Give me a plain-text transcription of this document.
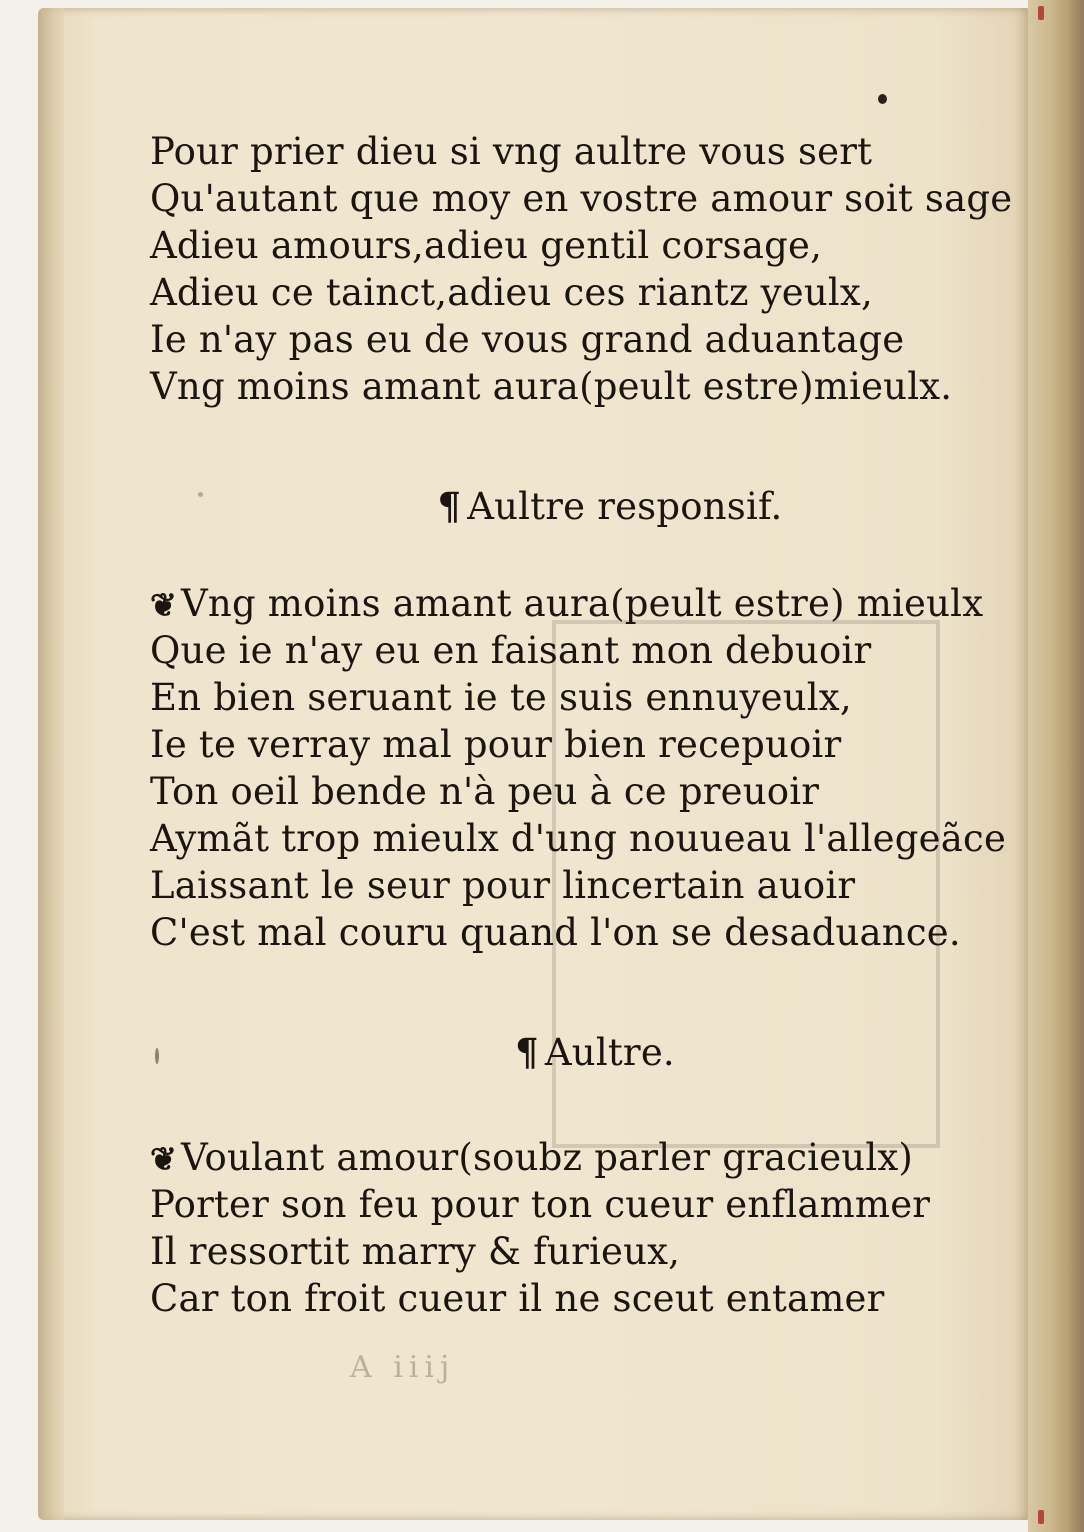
Pour prier dieu si vng aultre vous sert
Qu'autant que moy en vostre amour soit sage
Adieu amours,adieu gentil corsage,
Adieu ce tainct,adieu ces riantz yeulx,
Ie n'ay pas eu de vous grand aduantage
Vng moins amant aura(peult estre)mieulx.
¶ Aultre responsif.
❦ Vng moins amant aura(peult estre) mieulx
Que ie n'ay eu en faisant mon debuoir
En bien seruant ie te suis ennuyeulx,
Ie te verray mal pour bien recepuoir
Ton oeil bende n'à peu à ce preuoir
Aymãt trop mieulx d'ung nouueau l'allegeãce
Laissant le seur pour lincertain auoir
C'est mal couru quand l'on se desaduance.
¶ Aultre.
❦ Voulant amour(soubz parler gracieulx)
Porter son feu pour ton cueur enflammer
Il ressortit marry & furieux,
Car ton froit cueur il ne sceut entamer
A iiij
